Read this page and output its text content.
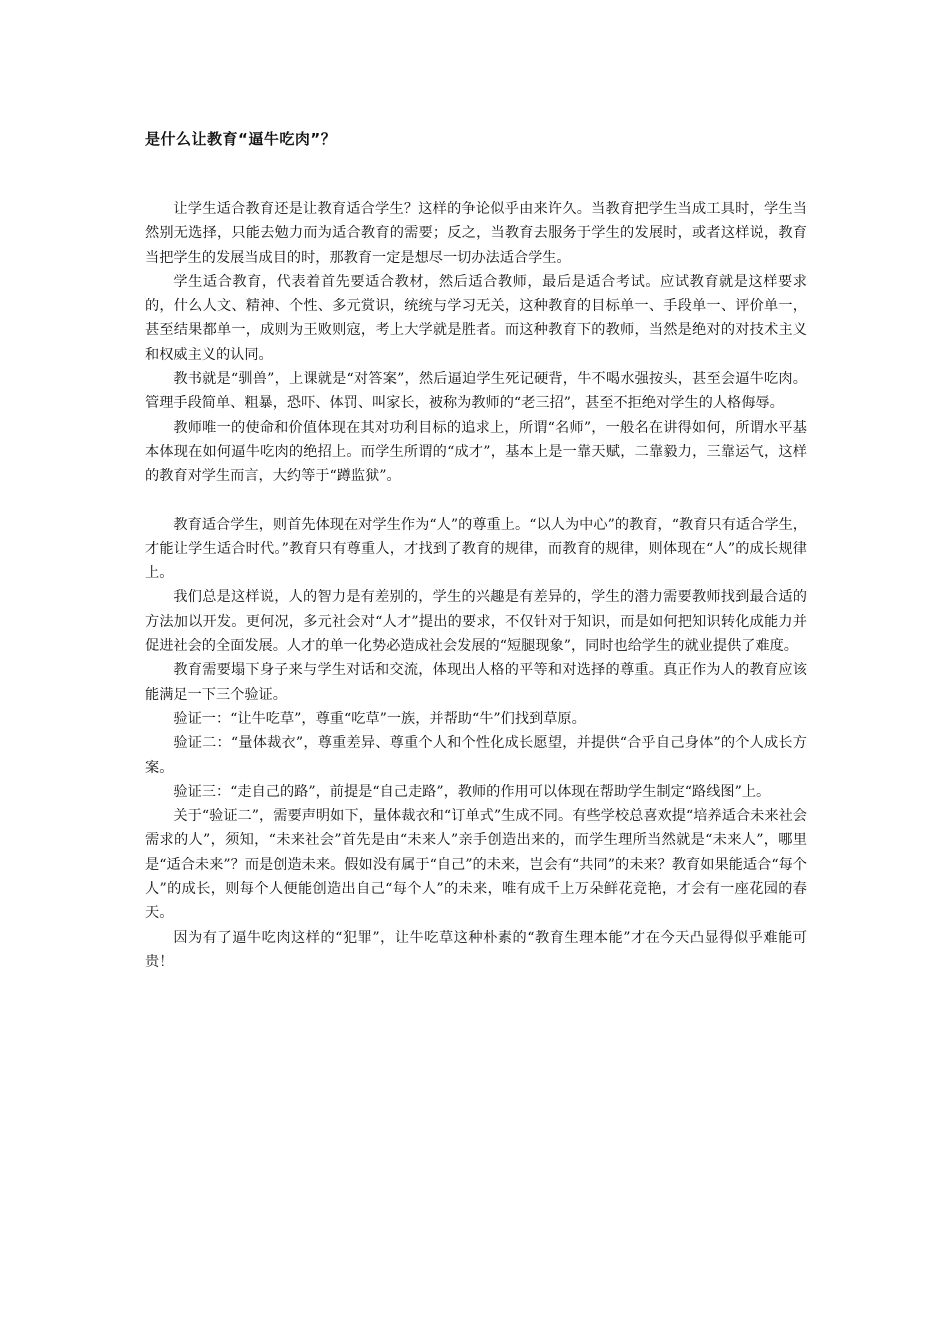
是什么让教育“逼牛吃肉”？

让学生适合教育还是让教育适合学生？这样的争论似乎由来许久。当教育把学生当成工具时，学生当然别无选择，只能去勉力而为适合教育的需要；反之，当教育去服务于学生的发展时，或者这样说，教育当把学生的发展当成目的时，那教育一定是想尽一切办法适合学生。

学生适合教育，代表着首先要适合教材，然后适合教师，最后是适合考试。应试教育就是这样要求的，什么人文、精神、个性、多元赏识，统统与学习无关，这种教育的目标单一、手段单一、评价单一，甚至结果都单一，成则为王败则寇，考上大学就是胜者。而这种教育下的教师，当然是绝对的对技术主义和权威主义的认同。

教书就是“驯兽”，上课就是“对答案”，然后逼迫学生死记硬背，牛不喝水强按头，甚至会逼牛吃肉。管理手段简单、粗暴，恐吓、体罚、叫家长，被称为教师的“老三招”，甚至不拒绝对学生的人格侮辱。

教师唯一的使命和价值体现在其对功利目标的追求上，所谓“名师”，一般名在讲得如何，所谓水平基本体现在如何逼牛吃肉的绝招上。而学生所谓的“成才”，基本上是一靠天赋，二靠毅力，三靠运气，这样的教育对学生而言，大约等于“蹲监狱”。

教育适合学生，则首先体现在对学生作为“人”的尊重上。“以人为中心”的教育，“教育只有适合学生，才能让学生适合时代。”教育只有尊重人，才找到了教育的规律，而教育的规律，则体现在“人”的成长规律上。

我们总是这样说，人的智力是有差别的，学生的兴趣是有差异的，学生的潜力需要教师找到最合适的方法加以开发。更何况，多元社会对“人才”提出的要求，不仅针对于知识，而是如何把知识转化成能力并促进社会的全面发展。人才的单一化势必造成社会发展的“短腿现象”，同时也给学生的就业提供了难度。

教育需要塌下身子来与学生对话和交流，体现出人格的平等和对选择的尊重。真正作为人的教育应该能满足一下三个验证。

验证一：“让牛吃草”，尊重“吃草”一族，并帮助“牛”们找到草原。

验证二：“量体裁衣”，尊重差异、尊重个人和个性化成长愿望，并提供“合乎自己身体”的个人成长方案。

验证三：“走自己的路”，前提是“自己走路”，教师的作用可以体现在帮助学生制定“路线图”上。

关于“验证二”，需要声明如下，量体裁衣和“订单式”生成不同。有些学校总喜欢提“培养适合未来社会需求的人”，须知，“未来社会”首先是由“未来人”亲手创造出来的，而学生理所当然就是“未来人”，哪里是“适合未来”？而是创造未来。假如没有属于“自己”的未来，岂会有“共同”的未来？教育如果能适合“每个人”的成长，则每个人便能创造出自己“每个人”的未来，唯有成千上万朵鲜花竞艳，才会有一座花园的春天。

因为有了逼牛吃肉这样的“犯罪”，让牛吃草这种朴素的“教育生理本能”才在今天凸显得似乎难能可贵！
